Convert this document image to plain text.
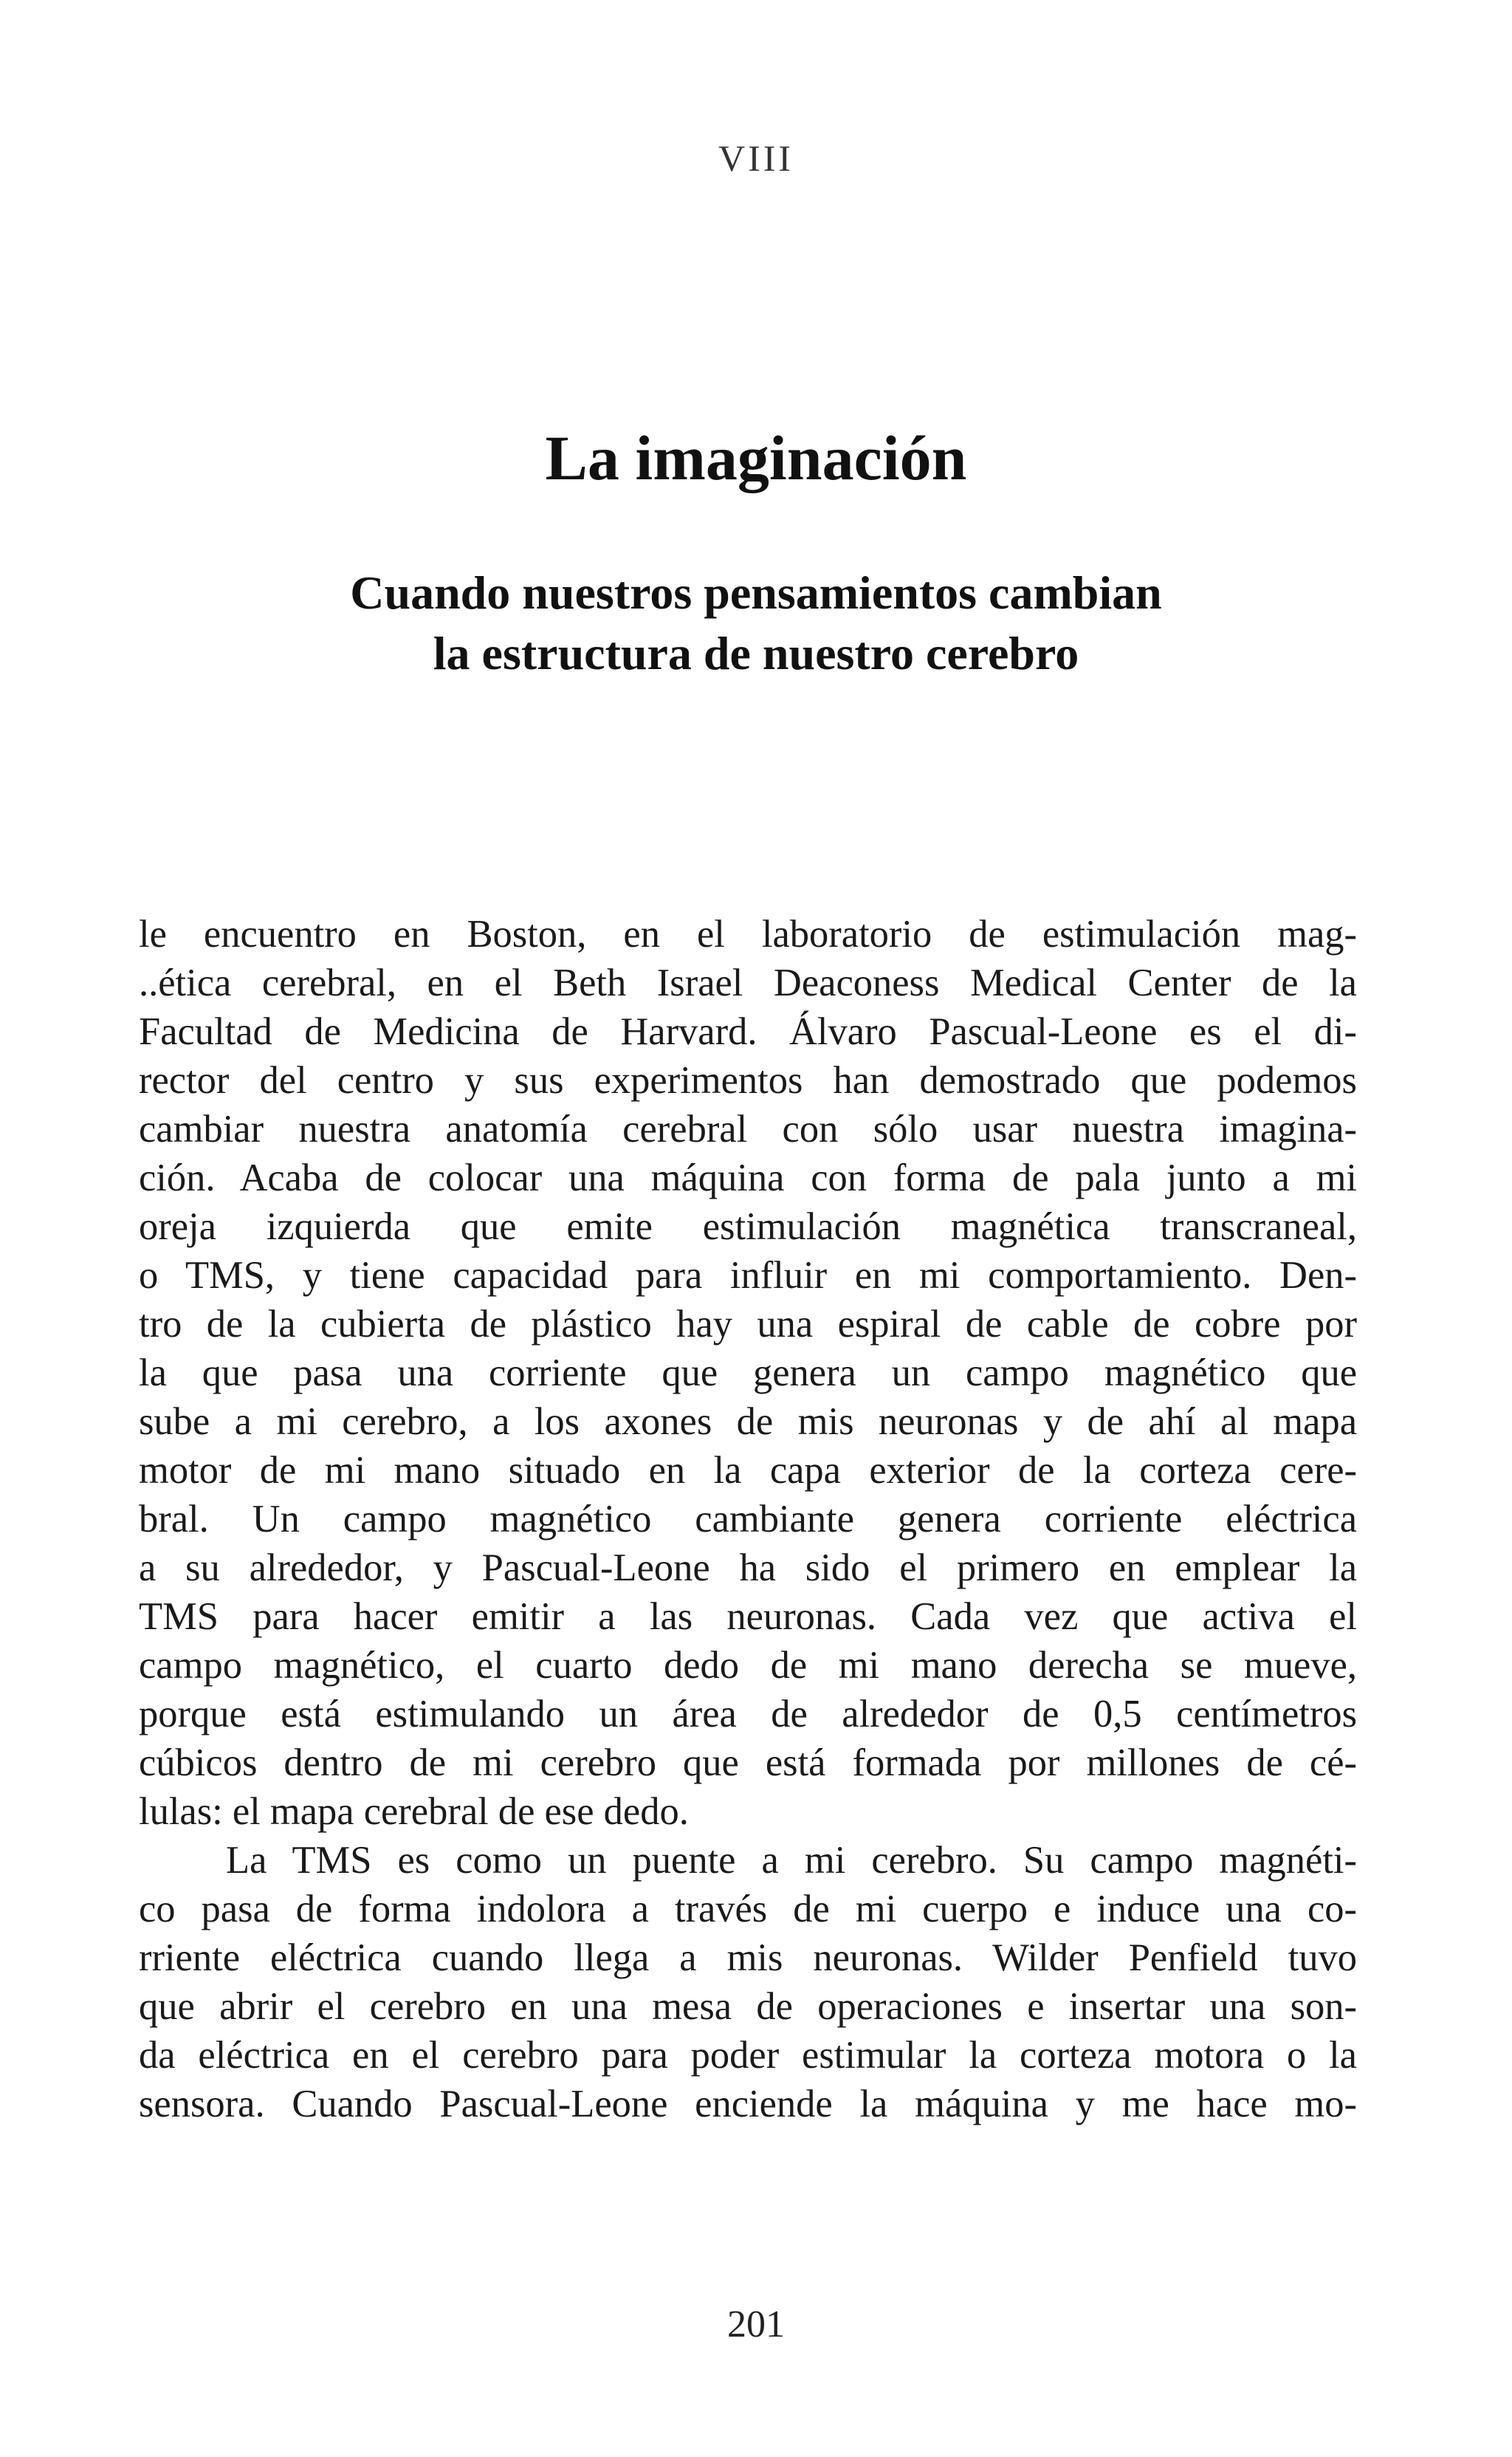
VIII
La imaginación
Cuando nuestros pensamientos cambian
la estructura de nuestro cerebro
le encuentro en Boston, en el laboratorio de estimulación mag-
..ética cerebral, en el Beth Israel Deaconess Medical Center de la
Facultad de Medicina de Harvard. Álvaro Pascual-Leone es el di-
rector del centro y sus experimentos han demostrado que podemos
cambiar nuestra anatomía cerebral con sólo usar nuestra imagina-
ción. Acaba de colocar una máquina con forma de pala junto a mi
oreja izquierda que emite estimulación magnética transcraneal,
o TMS, y tiene capacidad para influir en mi comportamiento. Den-
tro de la cubierta de plástico hay una espiral de cable de cobre por
la que pasa una corriente que genera un campo magnético que
sube a mi cerebro, a los axones de mis neuronas y de ahí al mapa
motor de mi mano situado en la capa exterior de la corteza cere-
bral. Un campo magnético cambiante genera corriente eléctrica
a su alrededor, y Pascual-Leone ha sido el primero en emplear la
TMS para hacer emitir a las neuronas. Cada vez que activa el
campo magnético, el cuarto dedo de mi mano derecha se mueve,
porque está estimulando un área de alrededor de 0,5 centímetros
cúbicos dentro de mi cerebro que está formada por millones de cé-
lulas: el mapa cerebral de ese dedo.
La TMS es como un puente a mi cerebro. Su campo magnéti-
co pasa de forma indolora a través de mi cuerpo e induce una co-
rriente eléctrica cuando llega a mis neuronas. Wilder Penfield tuvo
que abrir el cerebro en una mesa de operaciones e insertar una son-
da eléctrica en el cerebro para poder estimular la corteza motora o la
sensora. Cuando Pascual-Leone enciende la máquina y me hace mo-
201
